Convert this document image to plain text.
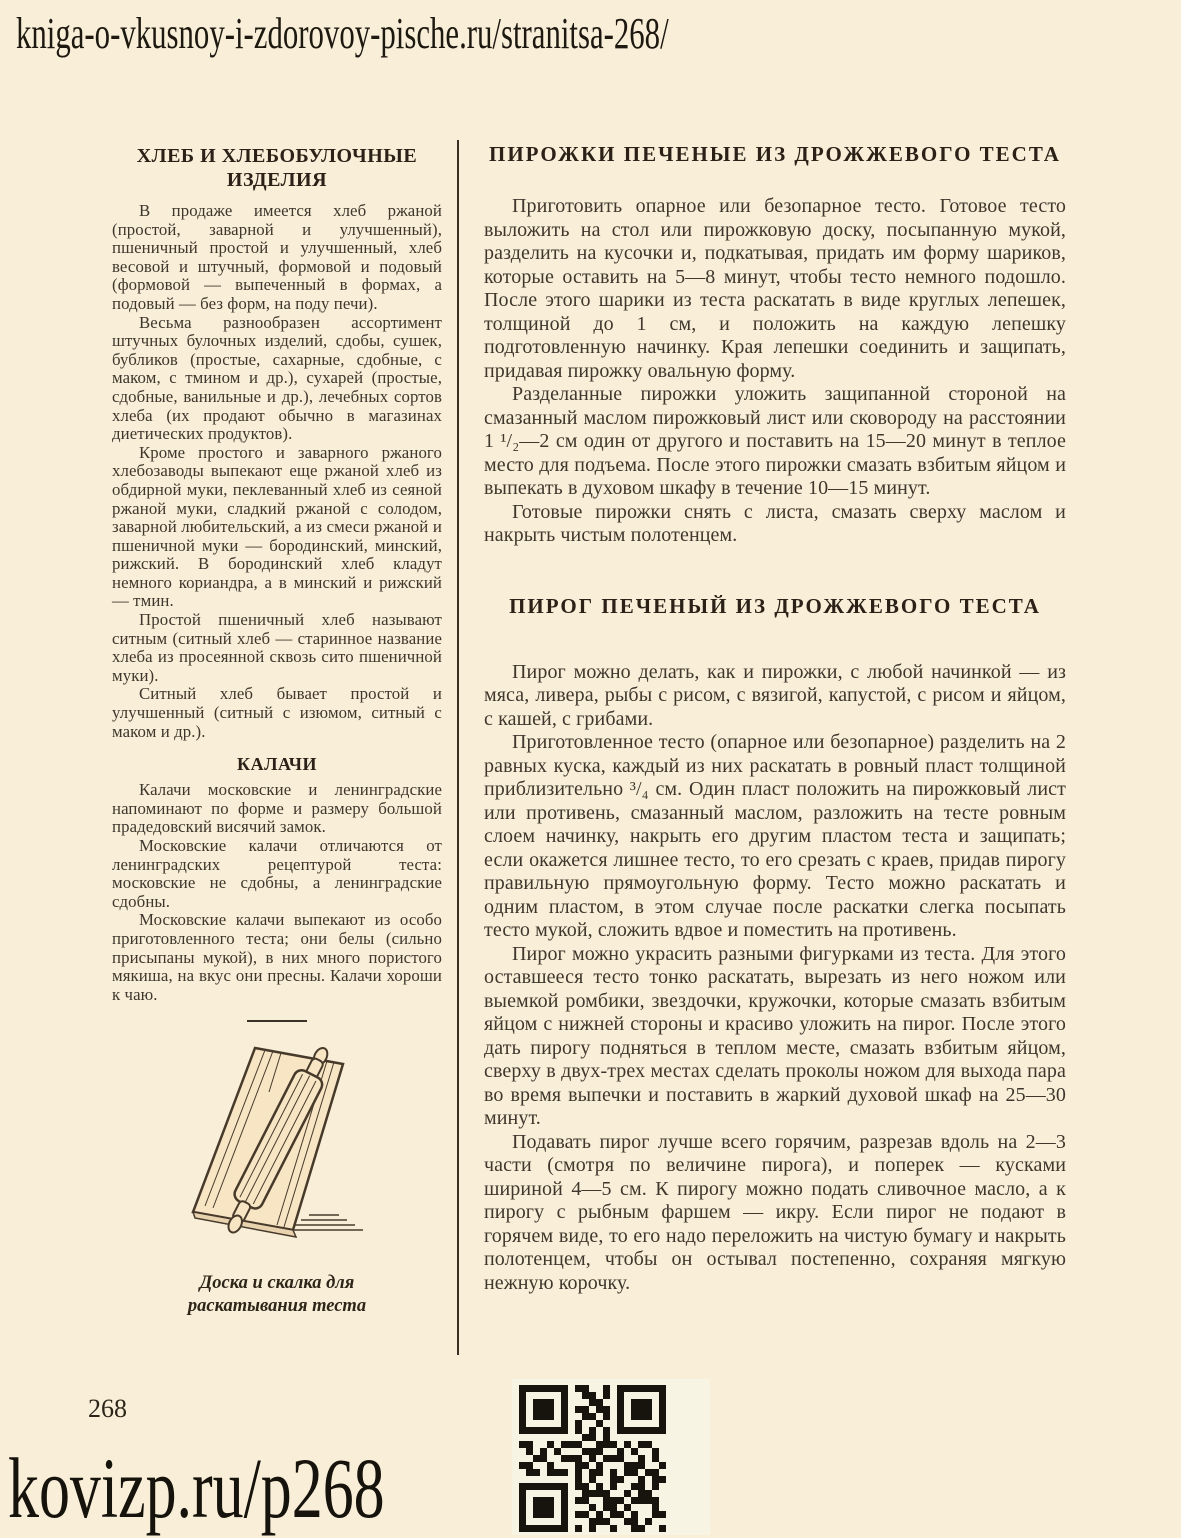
kniga-o-vkusnoy-i-zdorovoy-pische.ru/stranitsa-268/
ХЛЕБ И ХЛЕБОБУЛОЧНЫЕ ИЗДЕЛИЯ

В продаже имеется хлеб ржаной (простой, заварной и улучшенный), пшеничный простой и улучшенный, хлеб весовой и штучный, формовой и подовый (формовой — выпеченный в формах, а подовый — без форм, на поду печи).

Весьма разнообразен ассортимент штучных булочных изделий, сдобы, сушек, бубликов (простые, сахарные, сдобные, с маком, с тмином и др.), сухарей (простые, сдобные, ванильные и др.), лечебных сортов хлеба (их продают обычно в магазинах диетических продуктов).

Кроме простого и заварного ржаного хлебозаводы выпекают еще ржаной хлеб из обдирной муки, пеклеванный хлеб из сеяной ржаной муки, сладкий ржаной с солодом, заварной любительский, а из смеси ржаной и пшеничной муки — бородинский, минский, рижский. В бородинский хлеб кладут немного кориандра, а в минский и рижский — тмин.

Простой пшеничный хлеб называют ситным (ситный хлеб — старинное название хлеба из просеянной сквозь сито пшеничной муки).

Ситный хлеб бывает простой и улучшенный (ситный с изюмом, ситный с маком и др.).

КАЛАЧИ

Калачи московские и ленинградские напоминают по форме и размеру большой прадедовский висячий замок.

Московские калачи отличаются от ленинградских рецептурой теста: московские не сдобны, а ленинградские сдобны.

Московские калачи выпекают из особо приготовленного теста; они белы (сильно присыпаны мукой), в них много пористого мякиша, на вкус они пресны. Калачи хороши к чаю.

Доска и скалка для раскатывания теста
ПИРОЖКИ ПЕЧЕНЫЕ ИЗ ДРОЖЖЕВОГО ТЕСТА

Приготовить опарное или безопарное тесто. Готовое тесто выложить на стол или пирожковую доску, посыпанную мукой, разделить на кусочки и, подкатывая, придать им форму шариков, которые оставить на 5—8 минут, чтобы тесто немного подошло. После этого шарики из теста раскатать в виде круглых лепешек, толщиной до 1 см, и положить на каждую лепешку подготовленную начинку. Края лепешки соединить и защипать, придавая пирожку овальную форму.

Разделанные пирожки уложить защипанной стороной на смазанный маслом пирожковый лист или сковороду на расстоянии 1 ¹/₂—2 см один от другого и поставить на 15—20 минут в теплое место для подъема. После этого пирожки смазать взбитым яйцом и выпекать в духовом шкафу в течение 10—15 минут.

Готовые пирожки снять с листа, смазать сверху маслом и накрыть чистым полотенцем.

ПИРОГ ПЕЧЕНЫЙ ИЗ ДРОЖЖЕВОГО ТЕСТА

Пирог можно делать, как и пирожки, с любой начинкой — из мяса, ливера, рыбы с рисом, с вязигой, капустой, с рисом и яйцом, с кашей, с грибами.

Приготовленное тесто (опарное или безопарное) разделить на 2 равных куска, каждый из них раскатать в ровный пласт толщиной приблизительно ³/₄ см. Один пласт положить на пирожковый лист или противень, смазанный маслом, разложить на тесте ровным слоем начинку, накрыть его другим пластом теста и защипать; если окажется лишнее тесто, то его срезать с краев, придав пирогу правильную прямоугольную форму. Тесто можно раскатать и одним пластом, в этом случае после раскатки слегка посыпать тесто мукой, сложить вдвое и поместить на противень.

Пирог можно украсить разными фигурками из теста. Для этого оставшееся тесто тонко раскатать, вырезать из него ножом или выемкой ромбики, звездочки, кружочки, которые смазать взбитым яйцом с нижней стороны и красиво уложить на пирог. После этого дать пирогу подняться в теплом месте, смазать взбитым яйцом, сверху в двух-трех местах сделать проколы ножом для выхода пара во время выпечки и поставить в жаркий духовой шкаф на 25—30 минут.

Подавать пирог лучше всего горячим, разрезав вдоль на 2—3 части (смотря по величине пирога), и поперек — кусками шириной 4—5 см. К пирогу можно подать сливочное масло, а к пирогу с рыбным фаршем — икру. Если пирог не подают в горячем виде, то его надо переложить на чистую бумагу и накрыть полотенцем, чтобы он остывал постепенно, сохраняя мягкую нежную корочку.

268
kovizp.ru/p268
